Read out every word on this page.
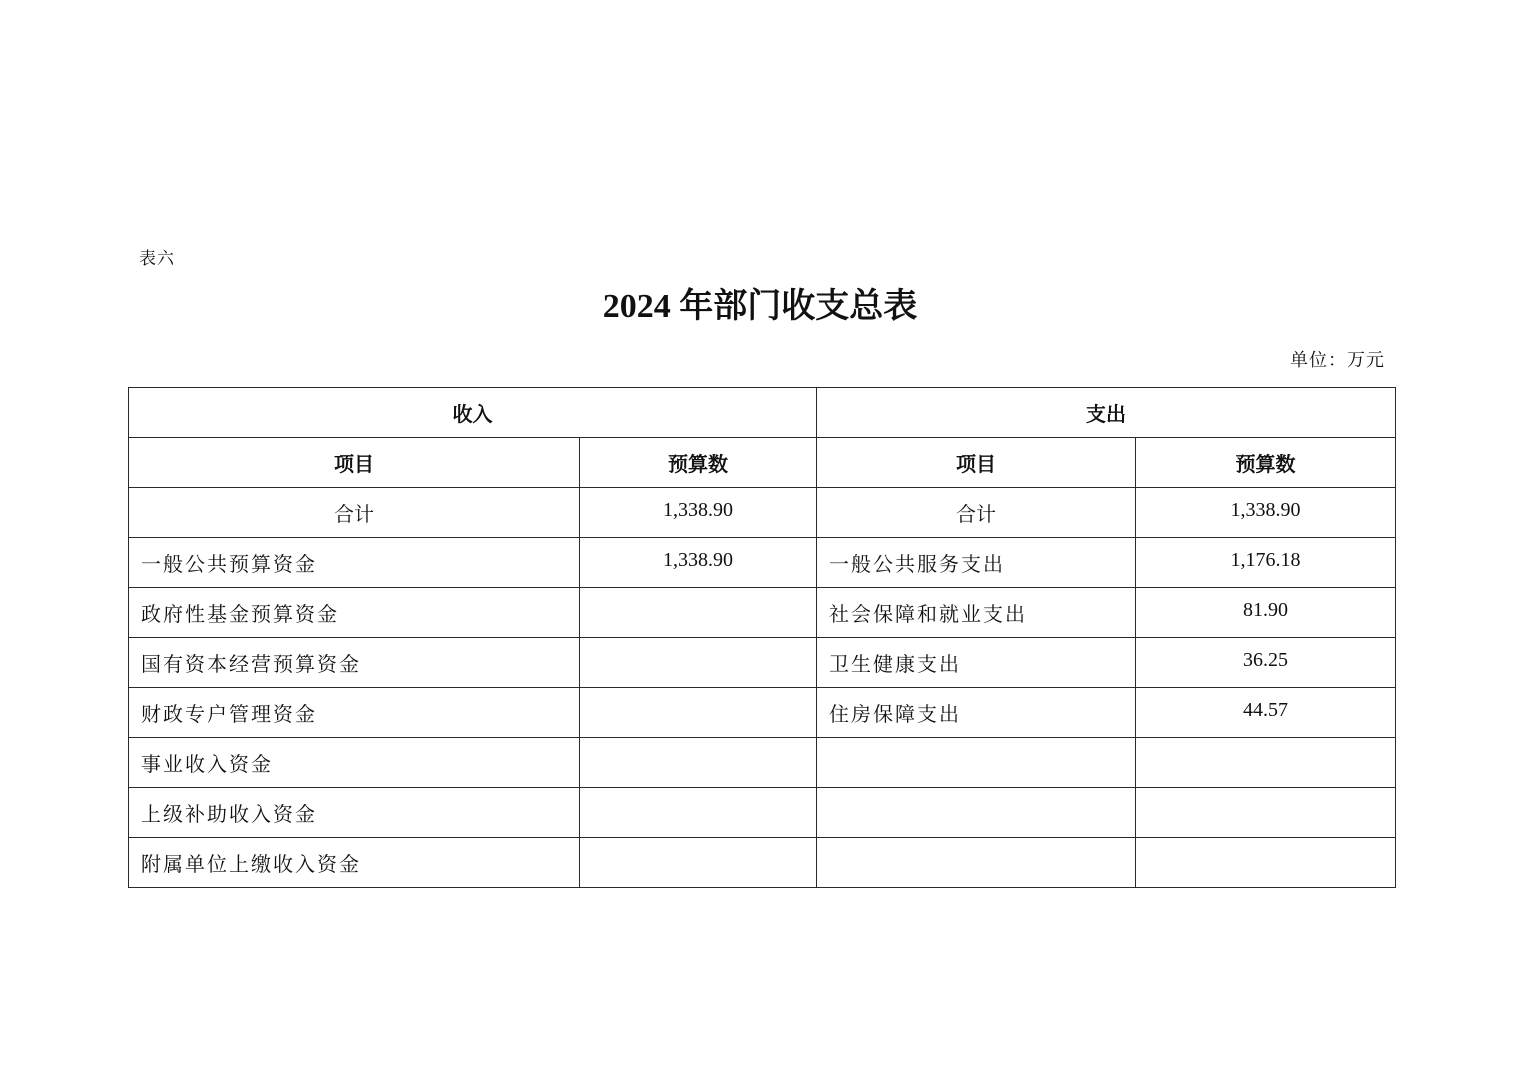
表六
2024 年部门收支总表
单位：万元
收入		支出	
项目	预算数	项目	预算数
合计	1,338.90	合计	1,338.90
一般公共预算资金	1,338.90	一般公共服务支出	1,176.18
政府性基金预算资金		社会保障和就业支出	81.90
国有资本经营预算资金		卫生健康支出	36.25
财政专户管理资金		住房保障支出	44.57
事业收入资金			
上级补助收入资金			
附属单位上缴收入资金			
